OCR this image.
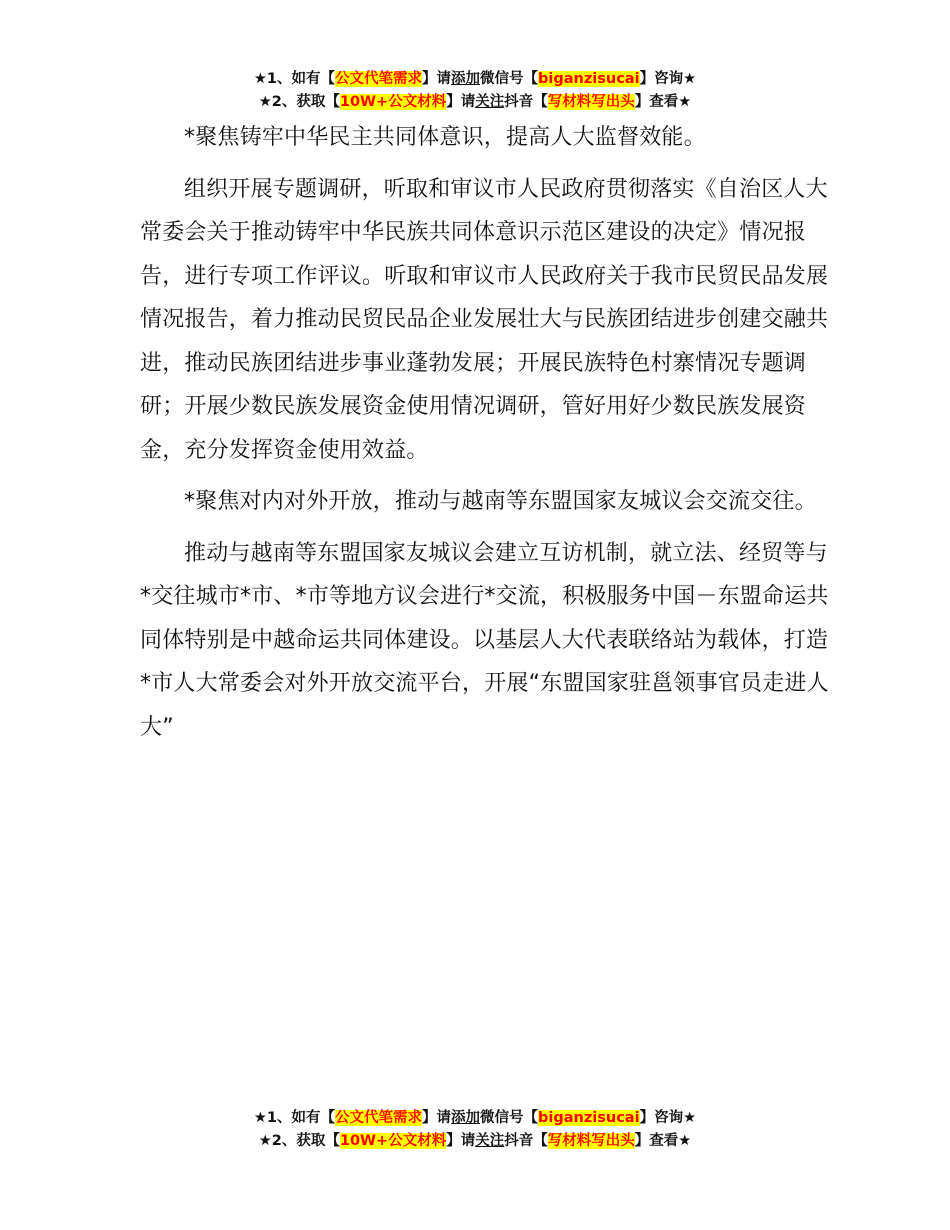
★1、如有【公文代笔需求】请添加微信号【biganzisucai】咨询★
★2、获取【10W+公文材料】请关注抖音【写材料写出头】查看★

*聚焦铸牢中华民主共同体意识，提高人大监督效能。

组织开展专题调研，听取和审议市人民政府贯彻落实《自治区人大常委会关于推动铸牢中华民族共同体意识示范区建设的决定》情况报告，进行专项工作评议。听取和审议市人民政府关于我市民贸民品发展情况报告，着力推动民贸民品企业发展壮大与民族团结进步创建交融共进，推动民族团结进步事业蓬勃发展；开展民族特色村寨情况专题调研；开展少数民族发展资金使用情况调研，管好用好少数民族发展资金，充分发挥资金使用效益。

*聚焦对内对外开放，推动与越南等东盟国家友城议会交流交往。

推动与越南等东盟国家友城议会建立互访机制，就立法、经贸等与*交往城市*市、*市等地方议会进行*交流，积极服务中国－东盟命运共同体特别是中越命运共同体建设。以基层人大代表联络站为载体，打造*市人大常委会对外开放交流平台，开展“东盟国家驻邕领事官员走进人大”

★1、如有【公文代笔需求】请添加微信号【biganzisucai】咨询★
★2、获取【10W+公文材料】请关注抖音【写材料写出头】查看★
